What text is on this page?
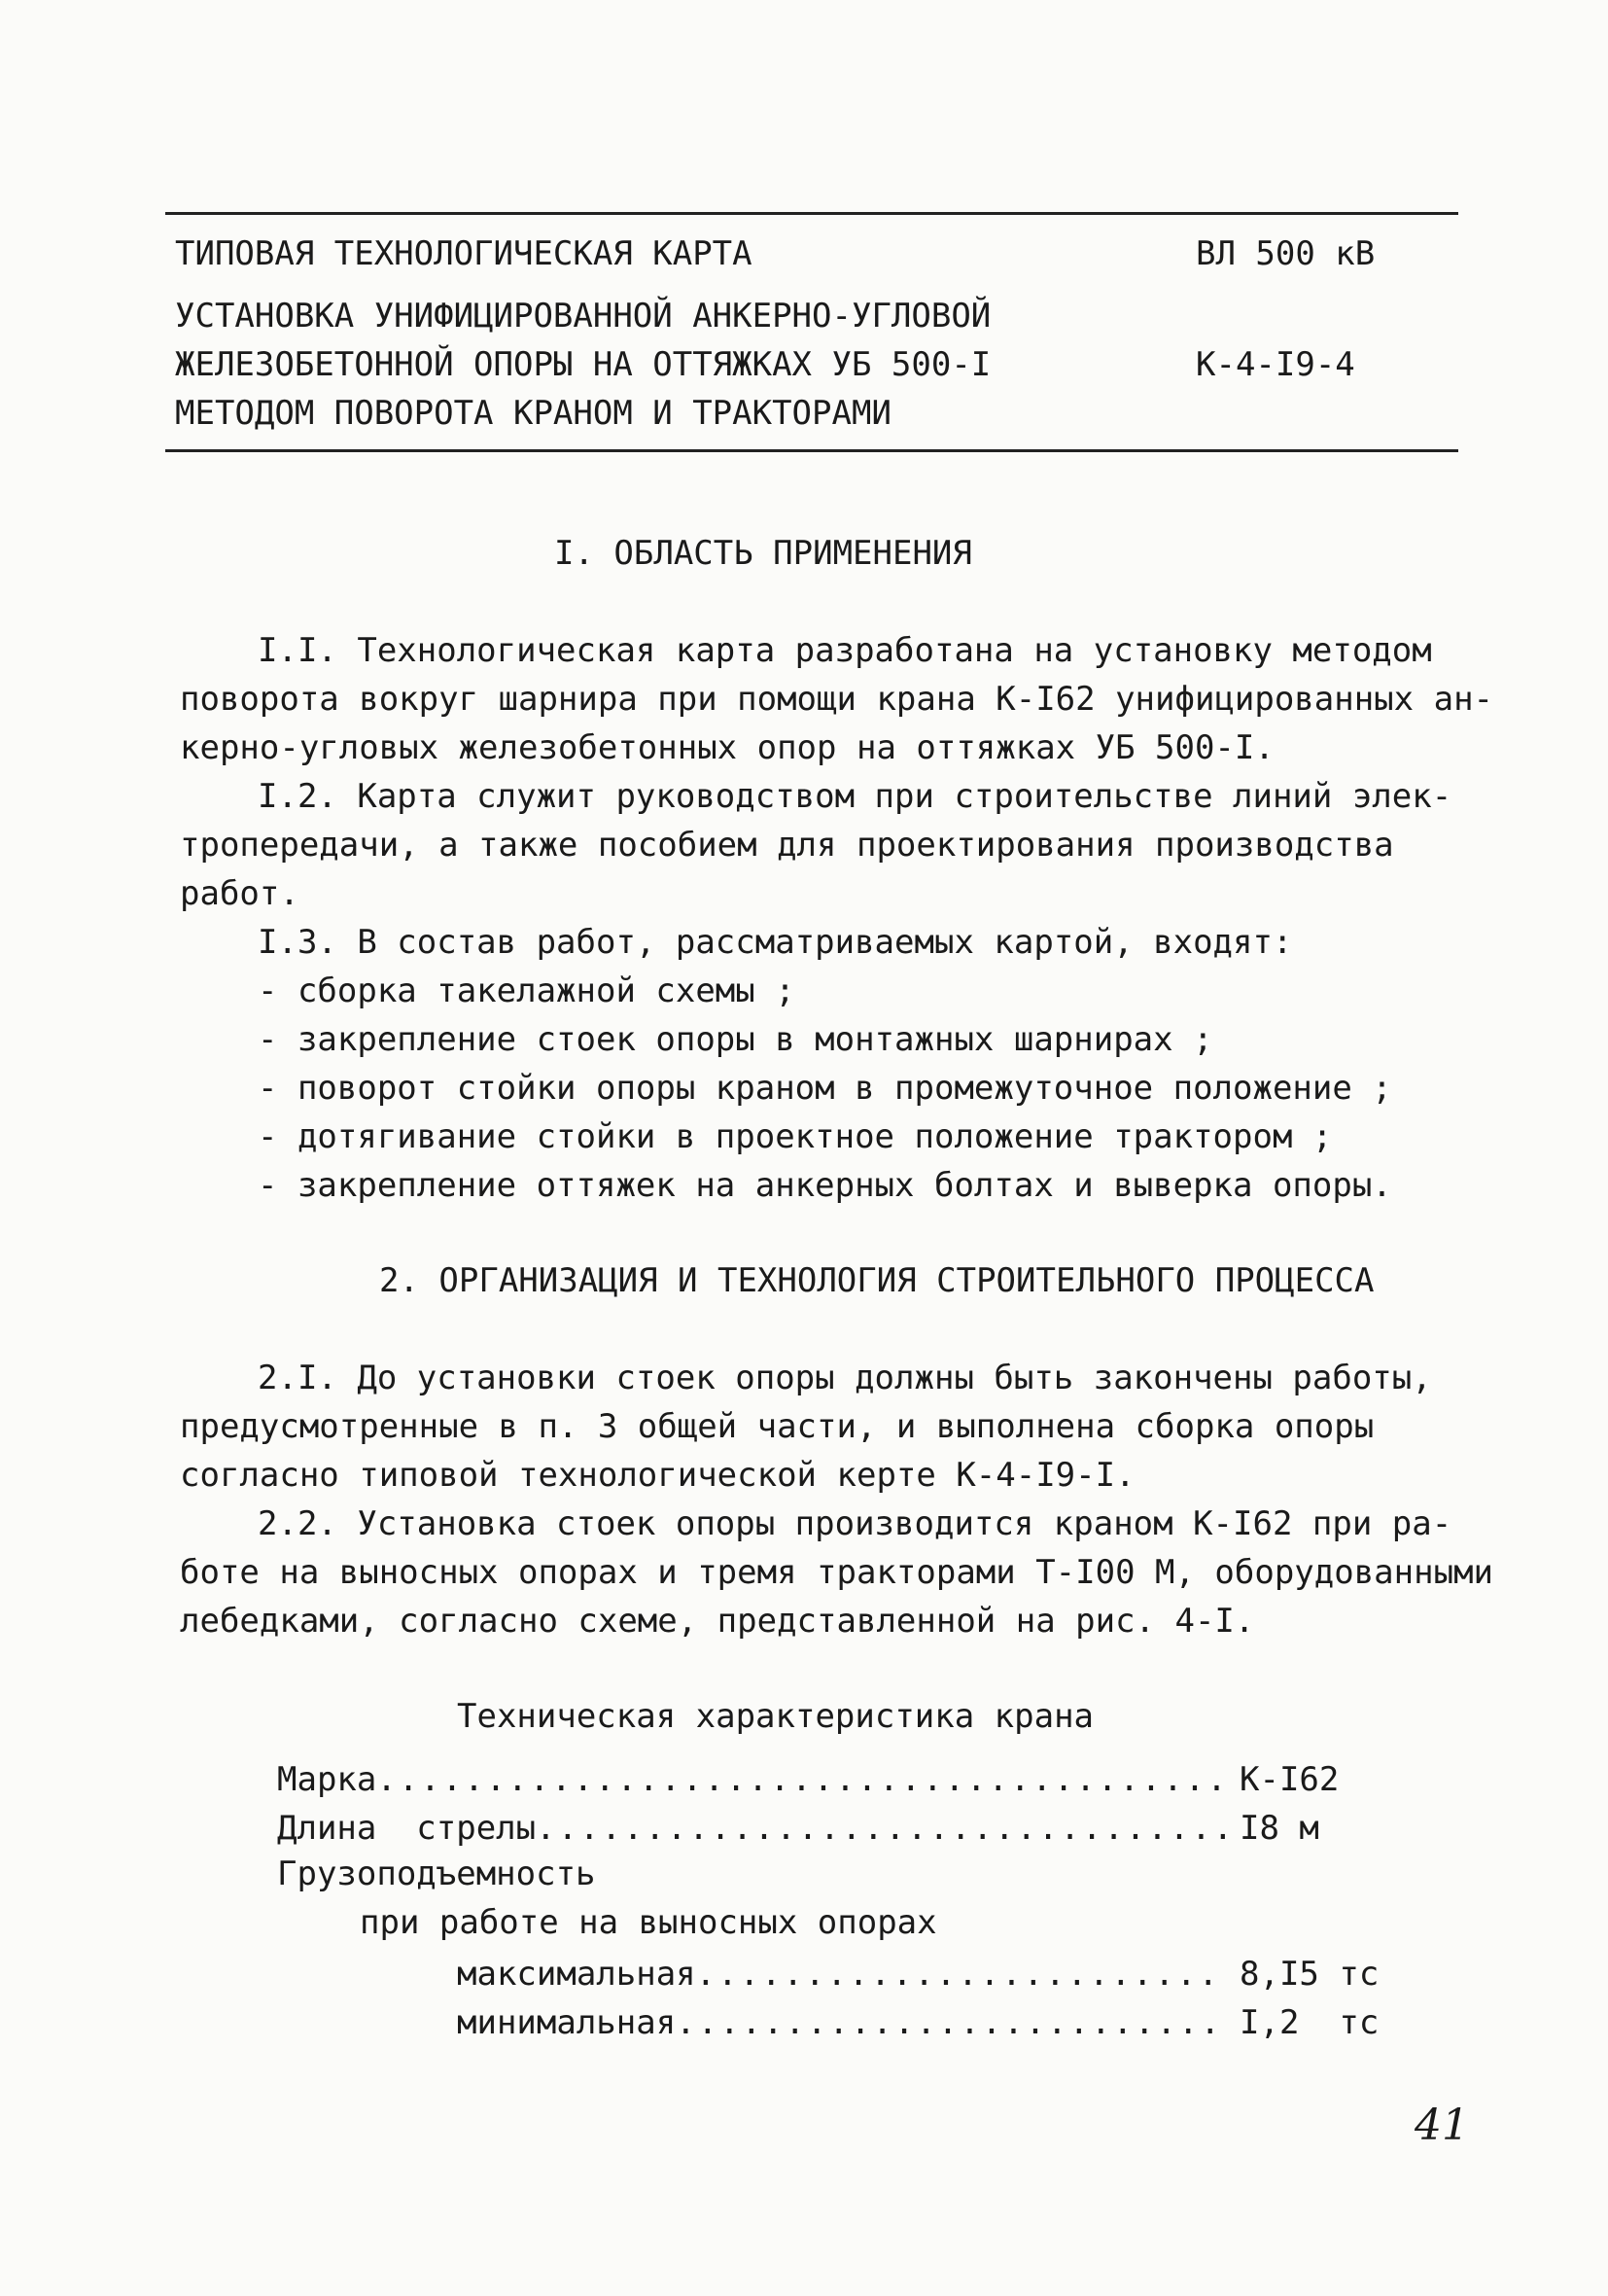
ТИПОВАЯ ТЕХНОЛОГИЧЕСКАЯ КАРТА	ВЛ 500 кВ
УСТАНОВКА УНИФИЦИРОВАННОЙ АНКЕРНО-УГЛОВОЙ
ЖЕЛЕЗОБЕТОННОЙ ОПОРЫ НА ОТТЯЖКАХ УБ 500-I
МЕТОДОМ ПОВОРОТА КРАНОМ И ТРАКТОРАМИ
К-4-I9-4
I. ОБЛАСТЬ ПРИМЕНЕНИЯ
I.I. Технологическая карта разработана на установку методом
поворота вокруг шарнира при помощи крана К-I62 унифицированных ан-
керно-угловых железобетонных опор на оттяжках УБ 500-I.
I.2. Карта служит руководством при строительстве линий элек-
тропередачи, а также пособием для проектирования производства
работ.
I.3. В состав работ, рассматриваемых картой, входят:
- сборка такелажной схемы ;
- закрепление стоек опоры в монтажных шарнирах ;
- поворот стойки опоры краном в промежуточное положение ;
- дотягивание стойки в проектное положение трактором ;
- закрепление оттяжек на анкерных болтах и выверка опоры.
2. ОРГАНИЗАЦИЯ И ТЕХНОЛОГИЯ СТРОИТЕЛЬНОГО ПРОЦЕССА
2.I. До установки стоек опоры должны быть закончены работы,
предусмотренные в п. 3 общей части, и выполнена сборка опоры
согласно типовой технологической керте К-4-I9-I.
2.2. Установка стоек опоры производится краном К-I62 при ра-
боте на выносных опорах и тремя тракторами Т-I00 М, оборудованными
лебедками, согласно схеме, представленной на рис. 4-I.
Техническая характеристика крана
Марка .....	К-I62
Длина  стрелы .....	I8 м
Грузоподъемность
при работе на выносных опорах
максимальная .....	8,I5 тс
минимальная .....	I,2  тс
41
